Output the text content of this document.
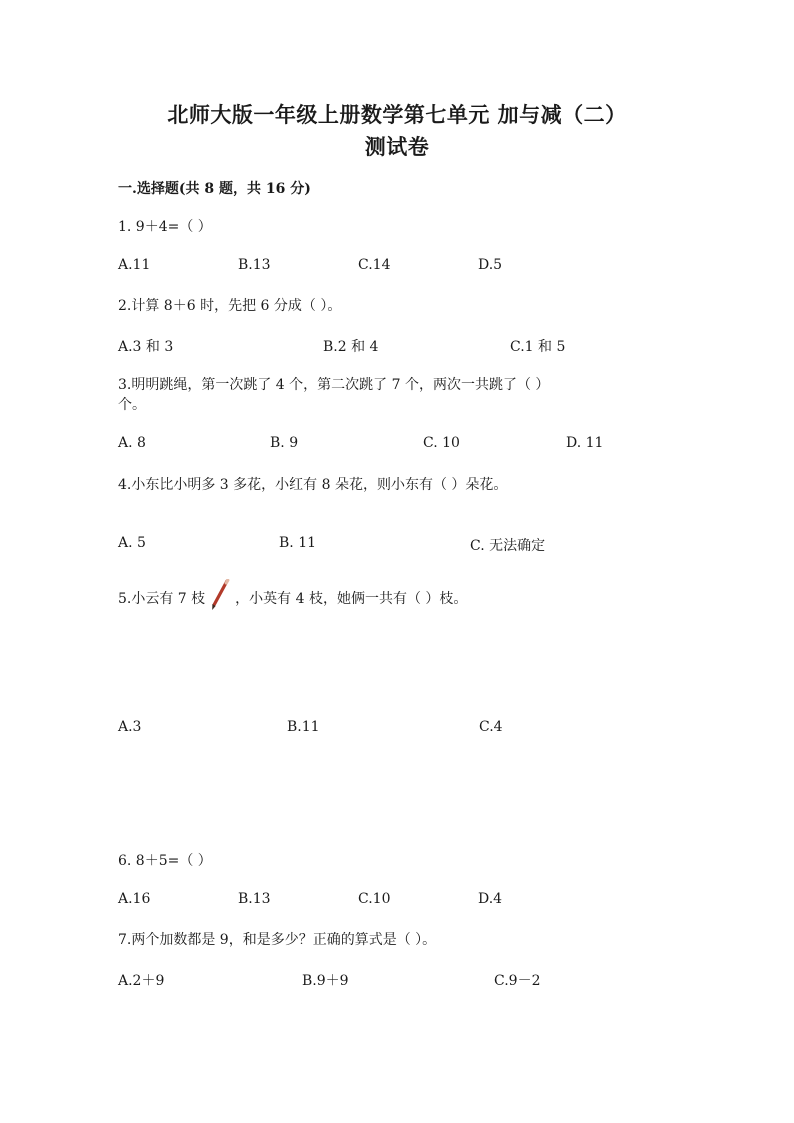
北师大版一年级上册数学第七单元 加与减（二）
测试卷
一.选择题(共 8 题，共 16 分)
1. 9＋4=（ ）
A.11	B.13	C.14	D.5
2.计算 8＋6 时，先把 6 分成（ ）。
A.3 和 3	B.2 和 4	C.1 和 5
3.明明跳绳，第一次跳了 4 个，第二次跳了 7 个，两次一共跳了（ ）
个。
A. 8	B. 9	C. 10	D. 11
4.小东比小明多 3 多花，小红有 8 朵花，则小东有（ ）朵花。
A. 5	B. 11	C. 无法确定
5.小云有 7 枝 ，小英有 4 枝，她俩一共有（ ）枝。
A.3	B.11	C.4
6. 8＋5=（ ）
A.16	B.13	C.10	D.4
7.两个加数都是 9，和是多少？正确的算式是（ ）。
A.2＋9	B.9＋9	C.9－2
